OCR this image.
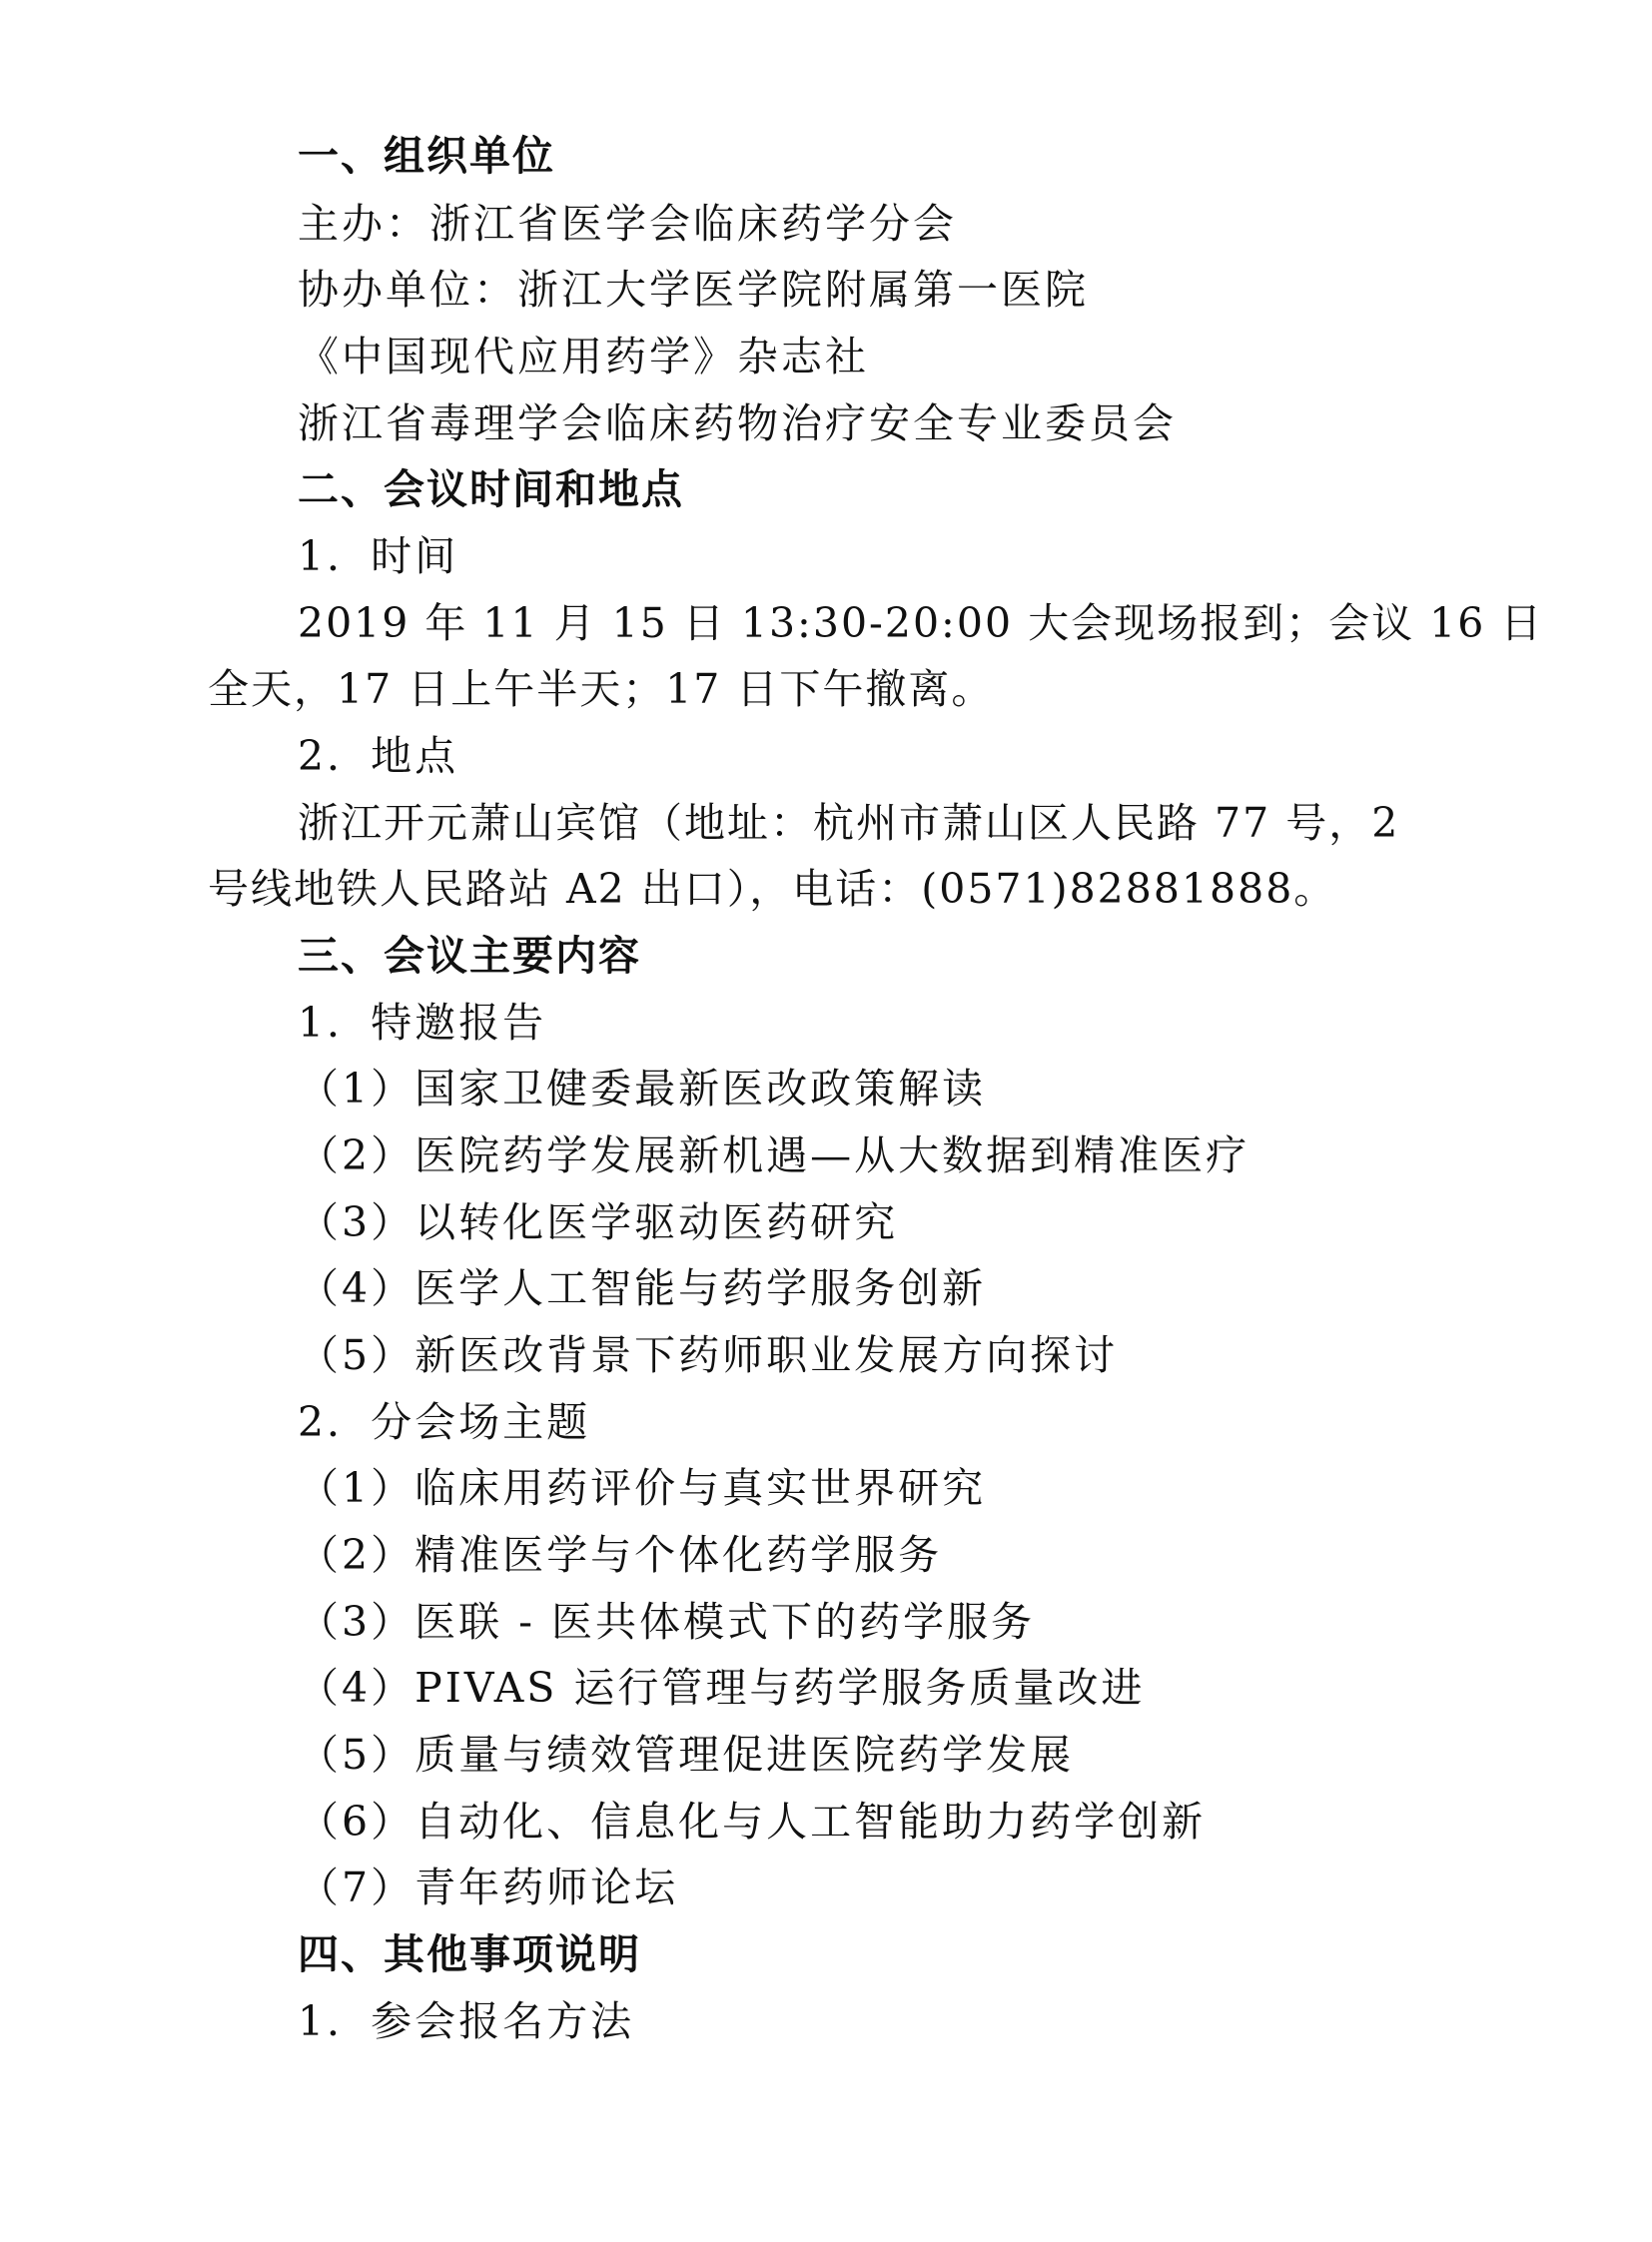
一、组织单位
主办：浙江省医学会临床药学分会
协办单位：浙江大学医学院附属第一医院
《中国现代应用药学》杂志社
浙江省毒理学会临床药物治疗安全专业委员会
二、会议时间和地点
1．时间
2019 年 11 月 15 日 13:30-20:00 大会现场报到；会议 16 日
全天，17 日上午半天；17 日下午撤离。
2．地点
浙江开元萧山宾馆（地址：杭州市萧山区人民路 77 号，2
号线地铁人民路站 A2 出口），电话：(0571)82881888。
三、会议主要内容
1．特邀报告
（1）国家卫健委最新医改政策解读
（2）医院药学发展新机遇—从大数据到精准医疗
（3）以转化医学驱动医药研究
（4）医学人工智能与药学服务创新
（5）新医改背景下药师职业发展方向探讨
2．分会场主题
（1）临床用药评价与真实世界研究
（2）精准医学与个体化药学服务
（3）医联 - 医共体模式下的药学服务
（4）PIVAS 运行管理与药学服务质量改进
（5）质量与绩效管理促进医院药学发展
（6）自动化、信息化与人工智能助力药学创新
（7）青年药师论坛
四、其他事项说明
1．参会报名方法
